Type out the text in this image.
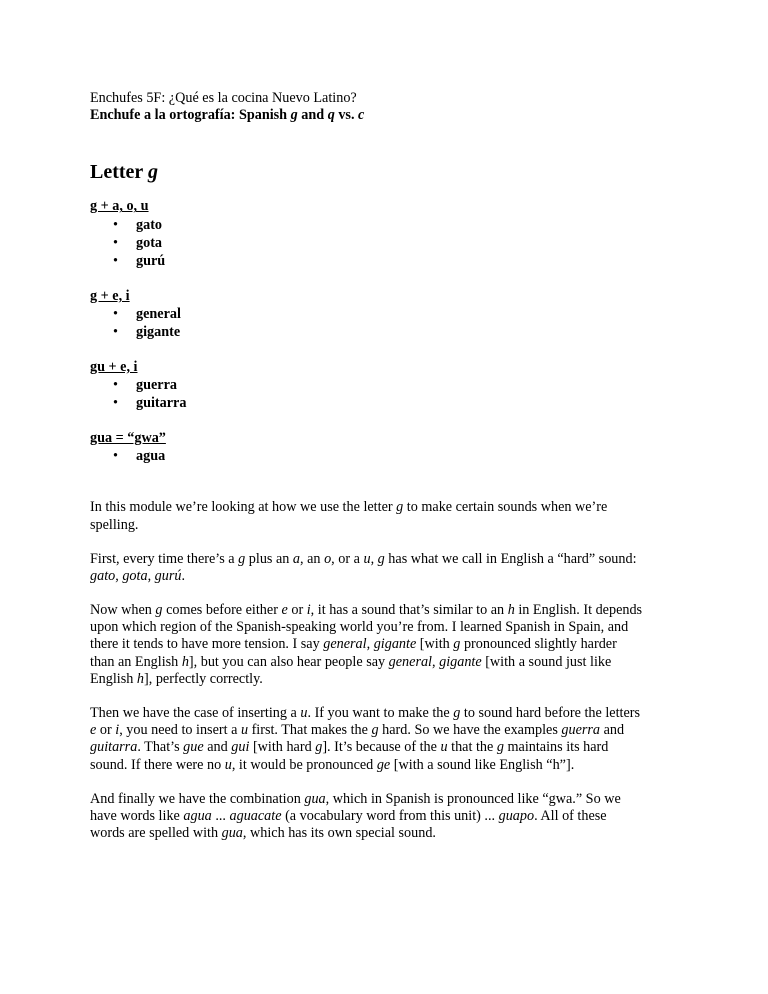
Enchufes 5F: ¿Qué es la cocina Nuevo Latino?
Enchufe a la ortografía: Spanish g and q vs. c
Letter g
g + a, o, u
• gato
• gota
• gurú
g + e, i
• general
• gigante
gu + e, i
• guerra
• guitarra
gua = “gwa”
• agua
In this module we’re looking at how we use the letter g to make certain sounds when we’re
spelling.
First, every time there’s a g plus an a, an o, or a u, g has what we call in English a “hard” sound:
gato, gota, gurú.
Now when g comes before either e or i, it has a sound that’s similar to an h in English. It depends
upon which region of the Spanish-speaking world you’re from. I learned Spanish in Spain, and
there it tends to have more tension. I say general, gigante [with g pronounced slightly harder
than an English h], but you can also hear people say general, gigante [with a sound just like
English h], perfectly correctly.
Then we have the case of inserting a u. If you want to make the g to sound hard before the letters
e or i, you need to insert a u first. That makes the g hard. So we have the examples guerra and
guitarra. That’s gue and gui [with hard g]. It’s because of the u that the g maintains its hard
sound. If there were no u, it would be pronounced ge [with a sound like English “h”].
And finally we have the combination gua, which in Spanish is pronounced like “gwa.” So we
have words like agua ... aguacate (a vocabulary word from this unit) ... guapo. All of these
words are spelled with gua, which has its own special sound.
